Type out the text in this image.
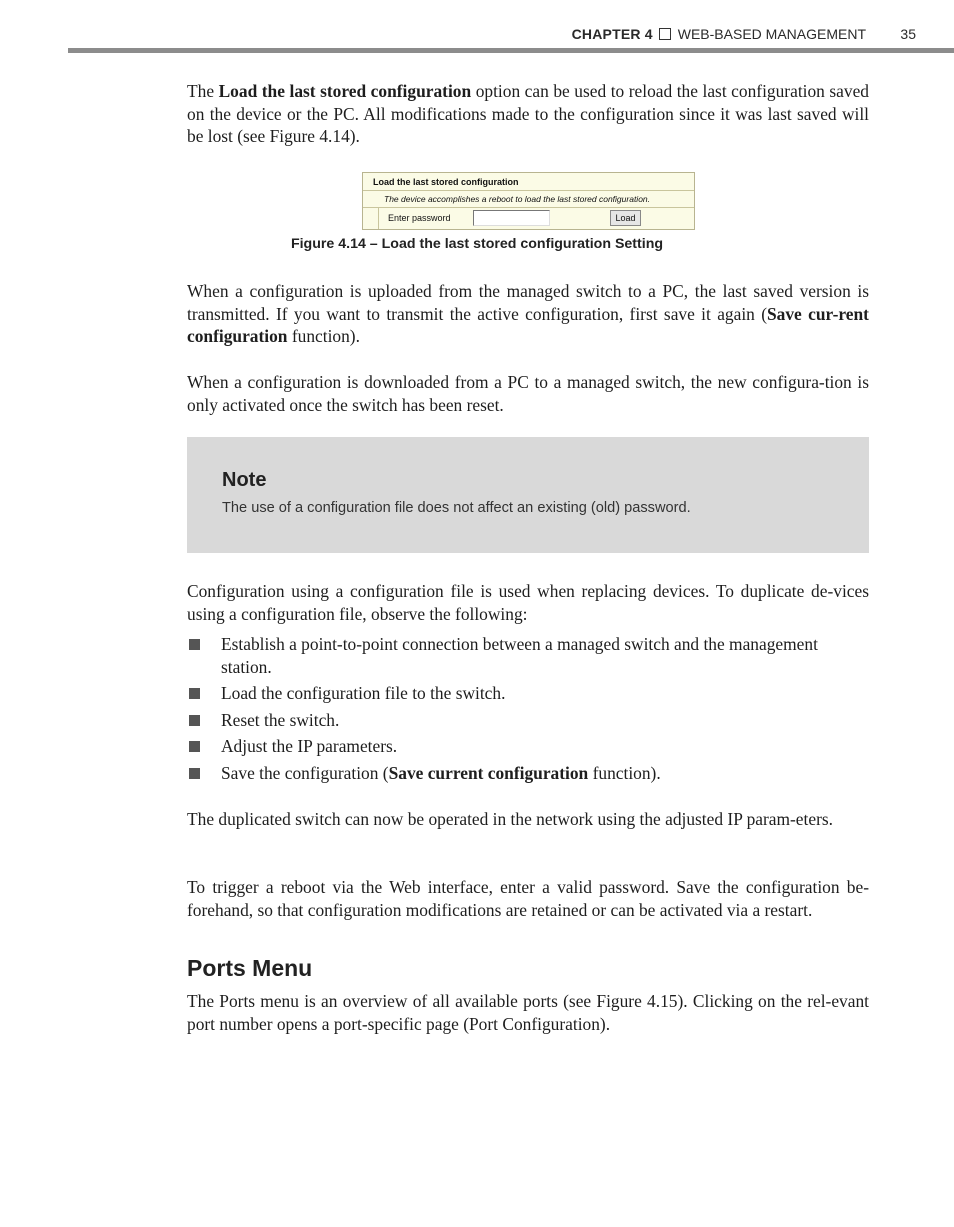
CHAPTER 4 WEB-BASED MANAGEMENT 35

The Load the last stored configuration option can be used to reload the last configuration saved on the device or the PC. All modifications made to the configuration since it was last saved will be lost (see Figure 4.14).

Load the last stored configuration
The device accomplishes a reboot to load the last stored configuration.
Enter password	Load
Figure 4.14 – Load the last stored configuration Setting

When a configuration is uploaded from the managed switch to a PC, the last saved version is transmitted. If you want to transmit the active configuration, first save it again (Save cur-rent configuration function).

When a configuration is downloaded from a PC to a managed switch, the new configura-tion is only activated once the switch has been reset.

Note
The use of a configuration file does not affect an existing (old) password.

Configuration using a configuration file is used when replacing devices. To duplicate de-vices using a configuration file, observe the following:

Establish a point-to-point connection between a managed switch and the management station.
Load the configuration file to the switch.
Reset the switch.
Adjust the IP parameters.
Save the configuration (Save current configuration function).

The duplicated switch can now be operated in the network using the adjusted IP param-eters.

To trigger a reboot via the Web interface, enter a valid password. Save the configuration be-forehand, so that configuration modifications are retained or can be activated via a restart.

Ports Menu

The Ports menu is an overview of all available ports (see Figure 4.15). Clicking on the rel-evant port number opens a port-specific page (Port Configuration).
